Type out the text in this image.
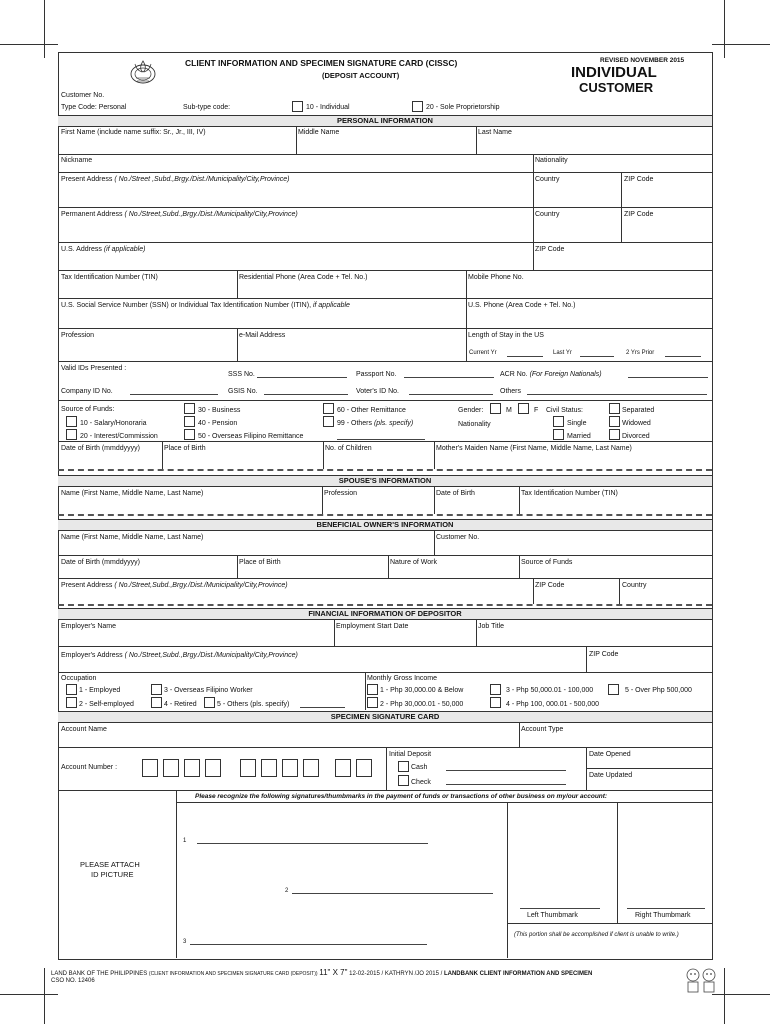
CLIENT INFORMATION AND SPECIMEN SIGNATURE CARD (CISSC)
(DEPOSIT ACCOUNT)
REVISED NOVEMBER 2015
INDIVIDUAL
CUSTOMER
Customer No.
Type Code: Personal	Sub-type code:	10 - Individual	20 - Sole Proprietorship
PERSONAL INFORMATION
First Name (include name suffix: Sr., Jr., III, IV)	Middle Name	Last Name
Nickname	Nationality
Present Address ( No./Street ,Subd.,Brgy./Dist./Municipality/City,Province)	Country	ZIP Code
Permanent Address ( No./Street,Subd.,Brgy./Dist./Municipality/City,Province)	Country	ZIP Code
U.S. Address (if applicable)	ZIP Code
Tax Identification Number (TIN)	Residential Phone (Area Code + Tel. No.)	Mobile Phone No.
U.S. Social Service Number (SSN) or Individual Tax Identification Number (ITIN), if applicable	U.S. Phone (Area Code + Tel. No.)
Profession	e-Mail Address	Length of Stay in the US
Current Yr	Last Yr	2 Yrs Prior
Valid IDs Presented :
SSS No.	Passport No.	ACR No. (For Foreign Nationals)
Company ID No.	GSIS No.	Voter's ID No.	Others
Source of Funds:	30 - Business	60 - Other Remittance
10 - Salary/Honoraria	40 - Pension	99 - Others (pls. specify)
20 - Interest/Commission	50 - Overseas Filipino Remittance
Gender:	M	F
Nationality
Civil Status:	Separated
Single	Widowed
Married	Divorced
Date of Birth (mmddyyyy)	Place of Birth	No. of Children	Mother's Maiden Name (First Name, Middle Name, Last Name)
SPOUSE'S INFORMATION
Name (First Name, Middle Name, Last Name)	Profession	Date of Birth	Tax Identification Number (TIN)
BENEFICIAL OWNER'S INFORMATION
Name (First Name, Middle Name, Last Name)	Customer No.
Date of Birth (mmddyyyy)	Place of Birth	Nature of Work	Source of Funds
Present Address ( No./Street,Subd.,Brgy./Dist./Municipality/City,Province)	ZIP Code	Country
FINANCIAL INFORMATION OF DEPOSITOR
Employer's Name	Employment Start Date	Job Title
Employer's Address ( No./Street,Subd.,Brgy./Dist./Municipality/City,Province)	ZIP Code
Occupation
1 - Employed	3 - Overseas Filipino Worker
2 - Self-employed	4 - Retired	5 - Others (pls. specify)
Monthly Gross Income
1 - Php 30,000.00 & Below	3 - Php 50,000.01 - 100,000	5 - Over Php 500,000
2 - Php 30,000.01 - 50,000	4 - Php 100, 000.01 - 500,000
SPECIMEN SIGNATURE CARD
Account Name	Account Type
Account Number :
Initial Deposit
Cash
Check
Date Opened
Date Updated
Please recognize the following signatures/thumbmarks in the payment of funds or transactions of other business on my/our account:
PLEASE ATTACH
ID PICTURE
1
2
3
Left Thumbmark	Right Thumbmark
(This portion shall be accomplished if client is unable to write.)
LAND BANK OF THE PHILIPPINES (CLIENT INFORMATION AND SPECIMEN SIGNATURE CARD (DEPOSIT)) 11" X 7" 12-02-2015 / KATHRYN /JO 2015 / LANDBANK CLIENT INFORMATION AND SPECIMEN
CSO NO. 12406
